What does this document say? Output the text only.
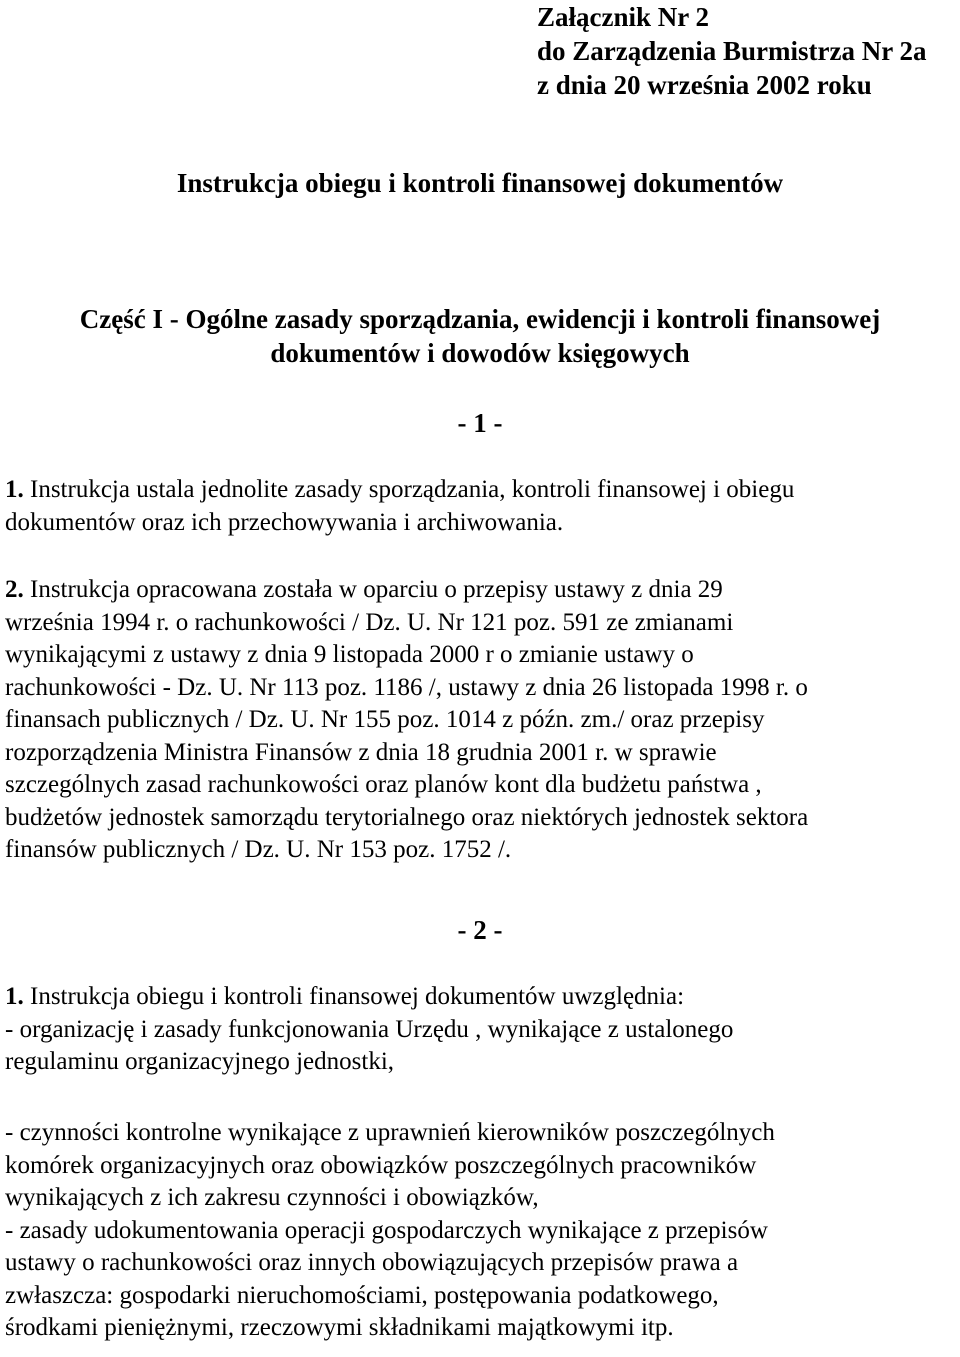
Załącznik Nr 2
do Zarządzenia Burmistrza Nr 2a
z dnia 20 września 2002 roku
Instrukcja obiegu i kontroli finansowej dokumentów
Część I - Ogólne zasady sporządzania, ewidencji i kontroli finansowej
dokumentów i dowodów księgowych
- 1 -
1. Instrukcja ustala jednolite zasady sporządzania, kontroli finansowej i obiegu
dokumentów oraz ich przechowywania i archiwowania.
2. Instrukcja opracowana została w oparciu o przepisy ustawy z dnia 29
września 1994 r. o rachunkowości / Dz. U. Nr 121 poz. 591 ze zmianami
wynikającymi z ustawy z dnia 9 listopada 2000 r o zmianie ustawy o
rachunkowości - Dz. U. Nr 113 poz. 1186 /, ustawy z dnia 26 listopada 1998 r. o
finansach publicznych / Dz. U. Nr 155 poz. 1014 z późn. zm./ oraz przepisy
rozporządzenia Ministra Finansów z dnia 18 grudnia 2001 r. w sprawie
szczególnych zasad rachunkowości oraz planów kont dla budżetu państwa ,
budżetów jednostek samorządu terytorialnego oraz niektórych jednostek sektora
finansów publicznych / Dz. U. Nr 153 poz. 1752 /.
- 2 -
1. Instrukcja obiegu i kontroli finansowej dokumentów uwzględnia:
- organizację i zasady funkcjonowania Urzędu , wynikające z ustalonego
regulaminu organizacyjnego jednostki,
- czynności kontrolne wynikające z uprawnień kierowników poszczególnych
komórek organizacyjnych oraz obowiązków poszczególnych pracowników
wynikających z ich zakresu czynności i obowiązków,
- zasady udokumentowania operacji gospodarczych wynikające z przepisów
ustawy o rachunkowości oraz innych obowiązujących przepisów prawa a
zwłaszcza: gospodarki nieruchomościami, postępowania podatkowego,
środkami pieniężnymi, rzeczowymi składnikami majątkowymi itp.
